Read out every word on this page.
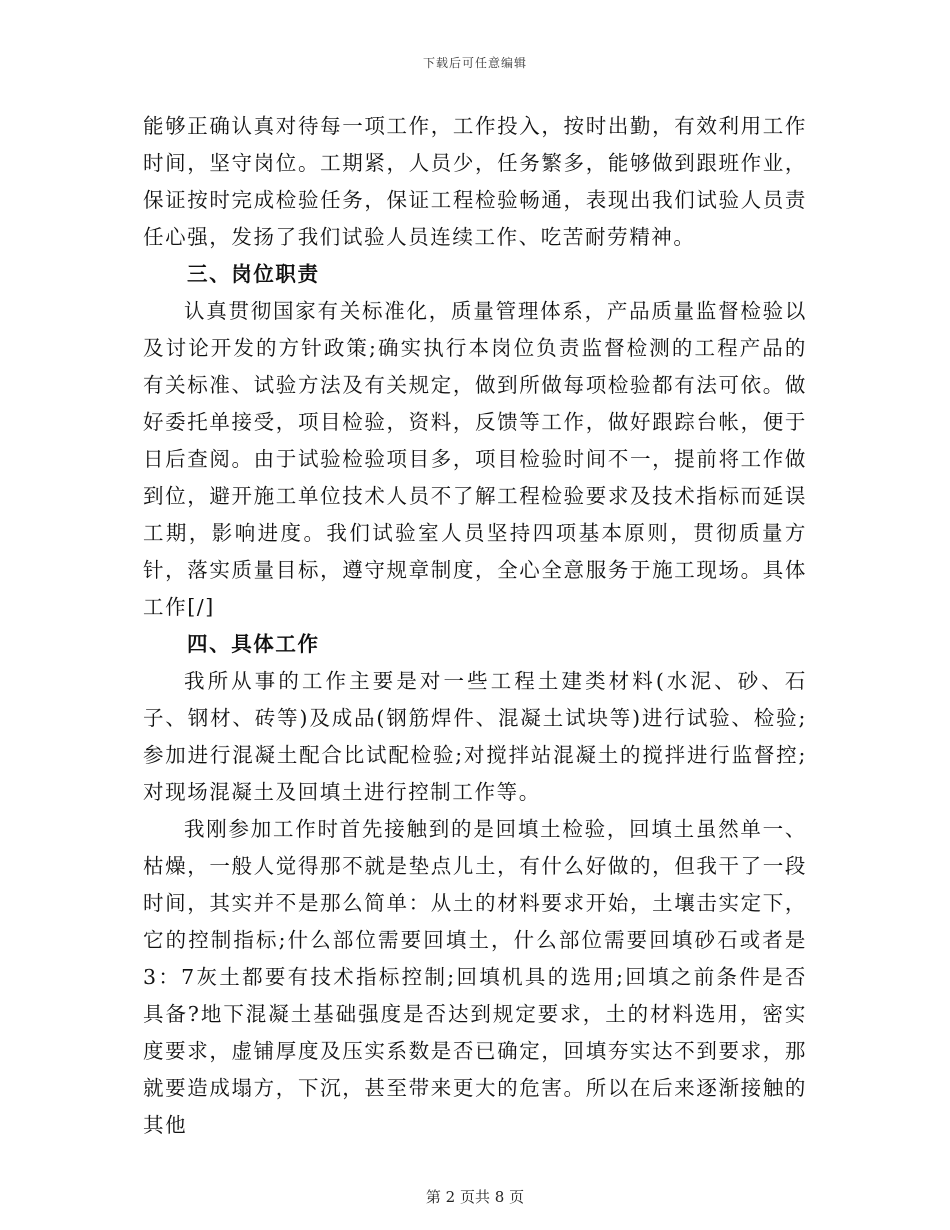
下载后可任意编辑

能够正确认真对待每一项工作，工作投入，按时出勤，有效利用工作时间，坚守岗位。工期紧，人员少，任务繁多，能够做到跟班作业，保证按时完成检验任务，保证工程检验畅通，表现出我们试验人员责任心强，发扬了我们试验人员连续工作、吃苦耐劳精神。

三、岗位职责

认真贯彻国家有关标准化，质量管理体系，产品质量监督检验以及讨论开发的方针政策;确实执行本岗位负责监督检测的工程产品的有关标准、试验方法及有关规定，做到所做每项检验都有法可依。做好委托单接受，项目检验，资料，反馈等工作，做好跟踪台帐，便于日后查阅。由于试验检验项目多，项目检验时间不一，提前将工作做到位，避开施工单位技术人员不了解工程检验要求及技术指标而延误工期，影响进度。我们试验室人员坚持四项基本原则，贯彻质量方针，落实质量目标，遵守规章制度，全心全意服务于施工现场。具体工作[/]

四、具体工作

我所从事的工作主要是对一些工程土建类材料(水泥、砂、石子、钢材、砖等)及成品(钢筋焊件、混凝土试块等)进行试验、检验;参加进行混凝土配合比试配检验;对搅拌站混凝土的搅拌进行监督控;对现场混凝土及回填土进行控制工作等。

我刚参加工作时首先接触到的是回填土检验，回填土虽然单一、枯燥，一般人觉得那不就是垫点儿土，有什么好做的，但我干了一段时间，其实并不是那么简单：从土的材料要求开始，土壤击实定下，它的控制指标;什么部位需要回填土，什么部位需要回填砂石或者是3：7灰土都要有技术指标控制;回填机具的选用;回填之前条件是否具备?地下混凝土基础强度是否达到规定要求，土的材料选用，密实度要求，虚铺厚度及压实系数是否已确定，回填夯实达不到要求，那就要造成塌方，下沉，甚至带来更大的危害。所以在后来逐渐接触的其他

第 2 页共 8 页
